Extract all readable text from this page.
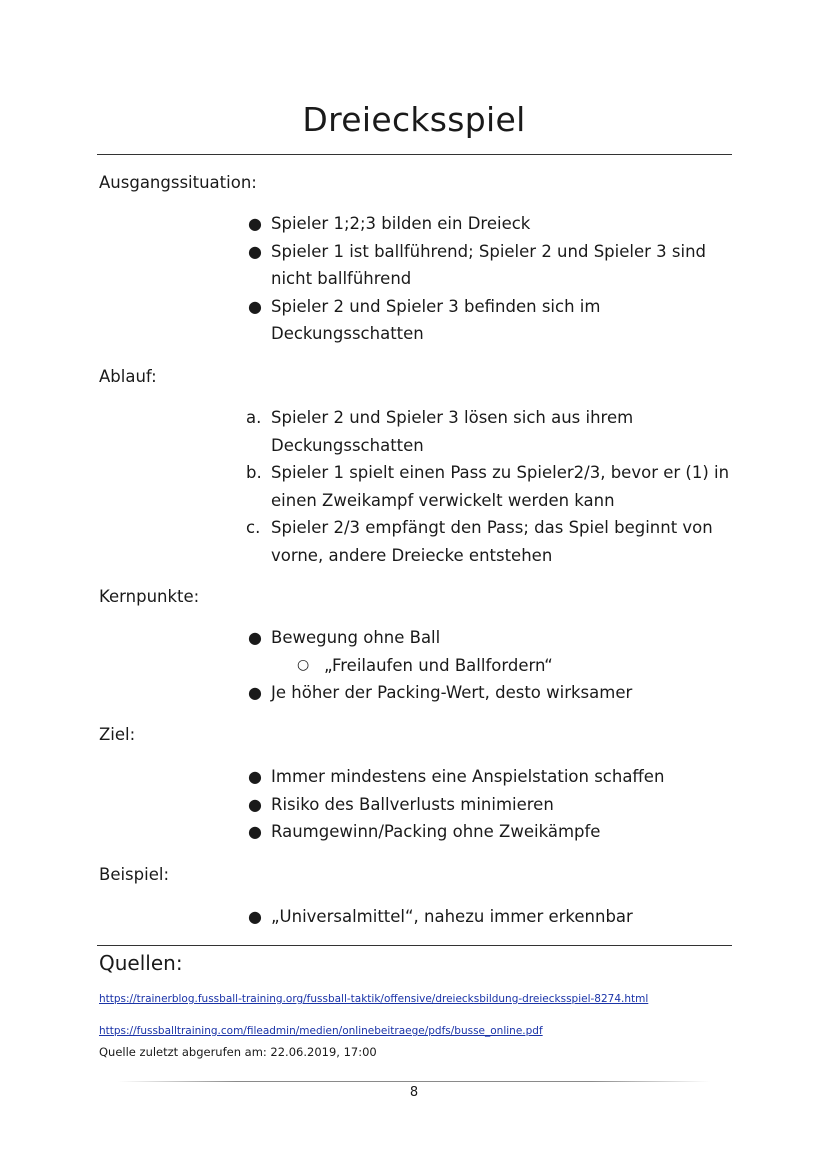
Dreiecksspiel
Ausgangssituation:
● Spieler 1;2;3 bilden ein Dreieck
● Spieler 1 ist ballführend; Spieler 2 und Spieler 3 sind nicht ballführend
● Spieler 2 und Spieler 3 befinden sich im Deckungsschatten
Ablauf:
a. Spieler 2 und Spieler 3 lösen sich aus ihrem Deckungsschatten
b. Spieler 1 spielt einen Pass zu Spieler2/3, bevor er (1) in einen Zweikampf verwickelt werden kann
c. Spieler 2/3 empfängt den Pass; das Spiel beginnt von vorne, andere Dreiecke entstehen
Kernpunkte:
● Bewegung ohne Ball
○ „Freilaufen und Ballfordern“
● Je höher der Packing-Wert, desto wirksamer
Ziel:
● Immer mindestens eine Anspielstation schaffen
● Risiko des Ballverlusts minimieren
● Raumgewinn/Packing ohne Zweikämpfe
Beispiel:
● „Universalmittel“, nahezu immer erkennbar
Quellen:
https://trainerblog.fussball-training.org/fussball-taktik/offensive/dreiecksbildung-dreiecksspiel-8274.html
https://fussballtraining.com/fileadmin/medien/onlinebeitraege/pdfs/busse_online.pdf
Quelle zuletzt abgerufen am: 22.06.2019, 17:00
8
